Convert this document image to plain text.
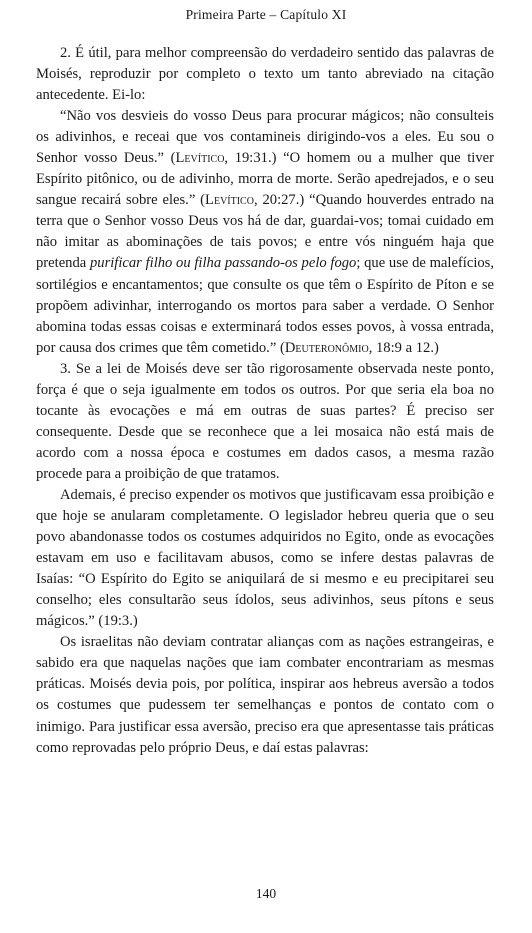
Primeira Parte – Capítulo XI

2. É útil, para melhor compreensão do verdadeiro sentido das palavras de Moisés, reproduzir por completo o texto um tanto abreviado na citação antecedente. Ei-lo:

“Não vos desvieis do vosso Deus para procurar mágicos; não consulteis os adivinhos, e receai que vos contamineis dirigindo-vos a eles. Eu sou o Senhor vosso Deus.” (Levítico, 19:31.) “O homem ou a mulher que tiver Espírito pitônico, ou de adivinho, morra de morte. Serão apedrejados, e o seu sangue recairá sobre eles.” (Levítico, 20:27.) “Quando houverdes entrado na terra que o Senhor vosso Deus vos há de dar, guardai-vos; tomai cuidado em não imitar as abominações de tais povos; e entre vós ninguém haja que pretenda purificar filho ou filha passando-os pelo fogo; que use de malefícios, sortilégios e encantamentos; que consulte os que têm o Espírito de Píton e se propõem adivinhar, interrogando os mortos para saber a verdade. O Senhor abomina todas essas coisas e exterminará todos esses povos, à vossa entrada, por causa dos crimes que têm cometido.” (Deuteronômio, 18:9 a 12.)

3. Se a lei de Moisés deve ser tão rigorosamente observada neste ponto, força é que o seja igualmente em todos os outros. Por que seria ela boa no tocante às evocações e má em outras de suas partes? É preciso ser consequente. Desde que se reconhece que a lei mosaica não está mais de acordo com a nossa época e costumes em dados casos, a mesma razão procede para a proibição de que tratamos.

Ademais, é preciso expender os motivos que justificavam essa proibição e que hoje se anularam completamente. O legislador hebreu queria que o seu povo abandonasse todos os costumes adquiridos no Egito, onde as evocações estavam em uso e facilitavam abusos, como se infere destas palavras de Isaías: “O Espírito do Egito se aniquilará de si mesmo e eu precipitarei seu conselho; eles consultarão seus ídolos, seus adivinhos, seus pítons e seus mágicos.” (19:3.)

Os israelitas não deviam contratar alianças com as nações estrangeiras, e sabido era que naquelas nações que iam combater encontrariam as mesmas práticas. Moisés devia pois, por política, inspirar aos hebreus aversão a todos os costumes que pudessem ter semelhanças e pontos de contato com o inimigo. Para justificar essa aversão, preciso era que apresentasse tais práticas como reprovadas pelo próprio Deus, e daí estas palavras:

140
